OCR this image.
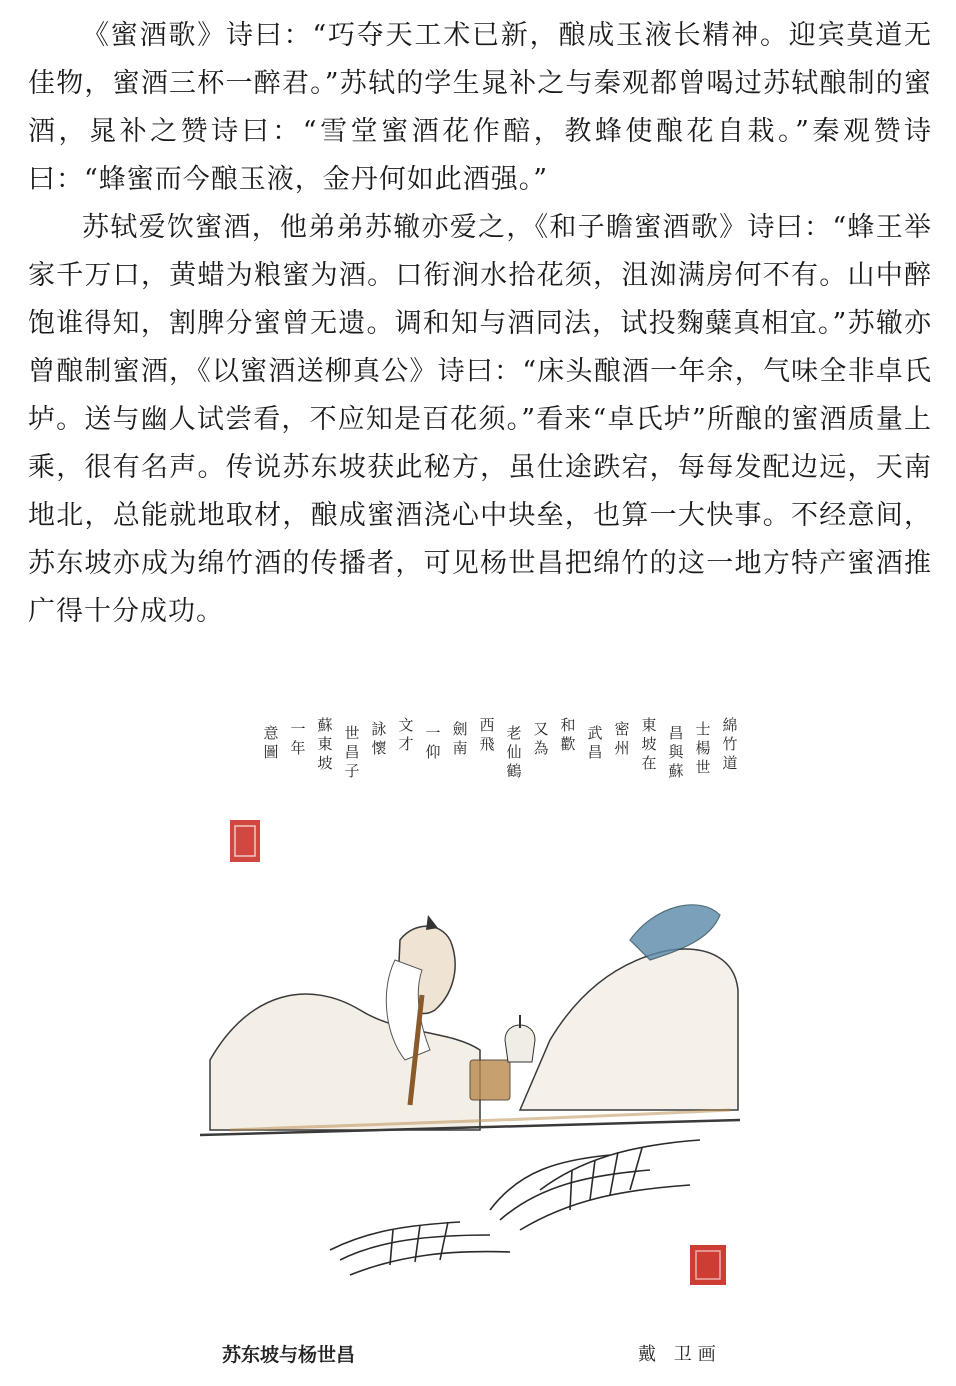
《蜜酒歌》诗曰：“巧夺天工术已新，酿成玉液长精神。迎宾莫道无佳物，蜜酒三杯一醉君。”苏轼的学生晁补之与秦观都曾喝过苏轼酿制的蜜酒，晁补之赞诗曰：“雪堂蜜酒花作醅，教蜂使酿花自栽。”秦观赞诗曰：“蜂蜜而今酿玉液，金丹何如此酒强。”

苏轼爱饮蜜酒，他弟弟苏辙亦爱之，《和子瞻蜜酒歌》诗曰：“蜂王举家千万口，黄蜡为粮蜜为酒。口衔涧水拾花须，沮洳满房何不有。山中醉饱谁得知，割脾分蜜曾无遗。调和知与酒同法，试投麴糵真相宜。”苏辙亦曾酿制蜜酒，《以蜜酒送柳真公》诗曰：“床头酿酒一年余，气味全非卓氏垆。送与幽人试尝看，不应知是百花须。”看来“卓氏垆”所酿的蜜酒质量上乘，很有名声。传说苏东坡获此秘方，虽仕途跌宕，每每发配边远，天南地北，总能就地取材，酿成蜜酒浇心中块垒，也算一大快事。不经意间，苏东坡亦成为绵竹酒的传播者，可见杨世昌把绵竹的这一地方特产蜜酒推广得十分成功。

綿
竹
道
士
楊
世
昌
與
蘇
東
坡
在
密
州
武
昌
和
歡
又
為
老
仙
鶴
西
飛
劍
南
一
仰
文
才
詠
懷
世
昌
子
蘇
東
坡
一
年
意
圖
苏东坡与杨世昌	戴 卫画
